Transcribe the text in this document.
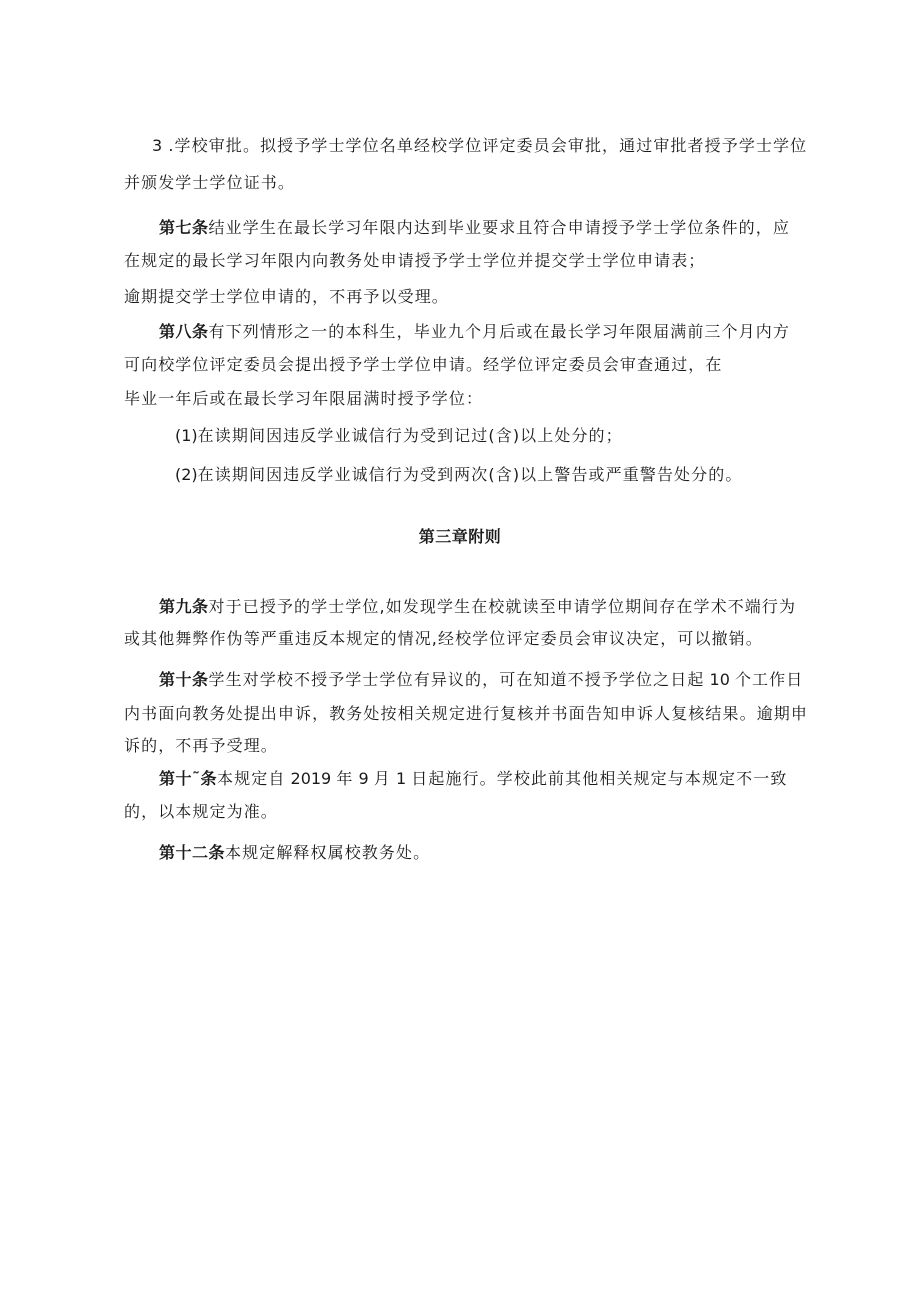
3 .学校审批。拟授予学士学位名单经校学位评定委员会审批，通过审批者授予学士学位
并颁发学士学位证书。
第七条结业学生在最长学习年限内达到毕业要求且符合申请授予学士学位条件的，应
在规定的最长学习年限内向教务处申请授予学士学位并提交学士学位申请表；
逾期提交学士学位申请的，不再予以受理。
第八条有下列情形之一的本科生，毕业九个月后或在最长学习年限届满前三个月内方
可向校学位评定委员会提出授予学士学位申请。经学位评定委员会审查通过，在
毕业一年后或在最长学习年限届满时授予学位：
(1)在读期间因违反学业诚信行为受到记过(含)以上处分的；
(2)在读期间因违反学业诚信行为受到两次(含)以上警告或严重警告处分的。
第三章附则
第九条对于已授予的学士学位,如发现学生在校就读至申请学位期间存在学术不端行为
或其他舞弊作伪等严重违反本规定的情况,经校学位评定委员会审议决定，可以撤销。
第十条学生对学校不授予学士学位有异议的，可在知道不授予学位之日起 10 个工作日
内书面向教务处提出申诉，教务处按相关规定进行复核并书面告知申诉人复核结果。逾期申
诉的，不再予受理。
第十˜条本规定自 2019 年 9 月 1 日起施行。学校此前其他相关规定与本规定不一致
的，以本规定为准。
第十二条本规定解释权属校教务处。
